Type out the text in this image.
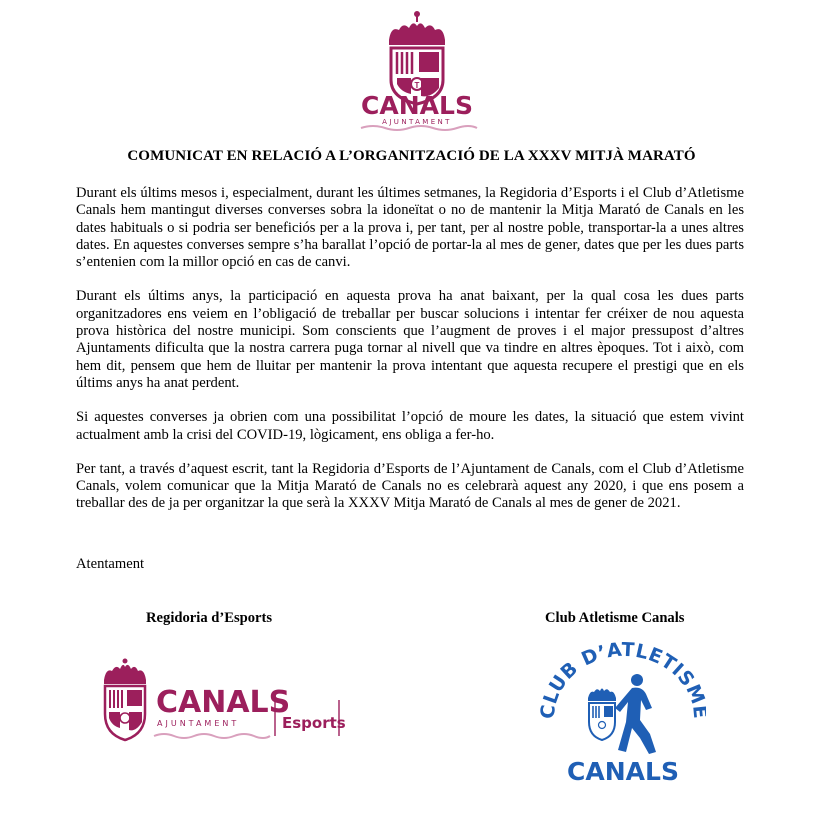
T
CANALS
AJUNTAMENT
COMUNICAT EN RELACIÓ A L’ORGANITZACIÓ DE LA XXXV MITJÀ MARATÓ

Durant els últims mesos i, especialment, durant les últimes setmanes, la Regidoria d’Esports i el Club d’Atletisme Canals hem mantingut diverses converses sobra la idoneïtat o no de mantenir la Mitja Marató de Canals en les dates habituals o si podria ser beneficiós per a la prova i, per tant, per al nostre poble, transportar-la a unes altres dates. En aquestes converses sempre s’ha barallat l’opció de portar-la al mes de gener, dates que per les dues parts s’entenien com la millor opció en cas de canvi.

Durant els últims anys, la participació en aquesta prova ha anat baixant, per la qual cosa les dues parts organitzadores ens veiem en l’obligació de treballar per buscar solucions i intentar fer créixer de nou aquesta prova històrica del nostre municipi. Som conscients que l’augment de proves i el major pressupost d’altres Ajuntaments dificulta que la nostra carrera puga tornar al nivell que va tindre en altres èpoques. Tot i això, com hem dit, pensem que hem de lluitar per mantenir la prova intentant que aquesta recupere el prestigi que en els últims anys ha anat perdent.

Si aquestes converses ja obrien com una possibilitat l’opció de moure les dates, la situació que estem vivint actualment amb la crisi del COVID-19, lògicament, ens obliga a fer-ho.

Per tant, a través d’aquest escrit, tant la Regidoria d’Esports de l’Ajuntament de Canals, com el Club d’Atletisme Canals, volem comunicar que la Mitja Marató de Canals no es celebrarà aquest any 2020, i que ens posem a treballar des de ja per organitzar la que serà la XXXV Mitja Marató de Canals al mes de gener de 2021.

Atentament
Regidoria d’Esports	Club Atletisme Canals
CANALS
AJUNTAMENT	Esports
LUB D’ATLETIS
CANALS
